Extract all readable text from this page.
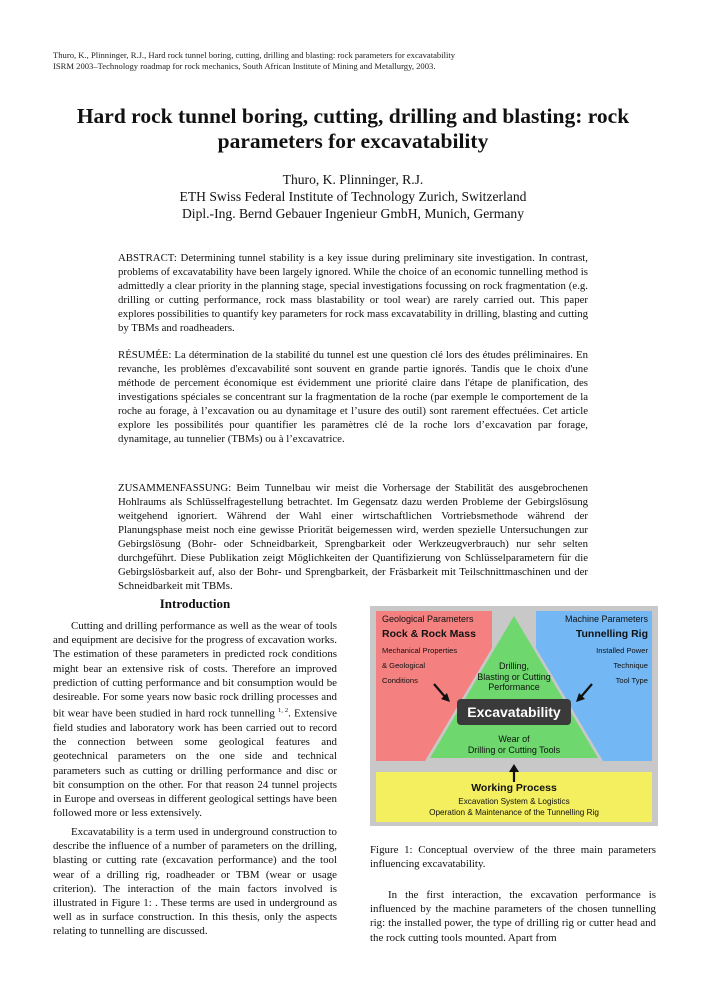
Thuro, K., Plinninger, R.J., Hard rock tunnel boring, cutting, drilling and blasting: rock parameters for excavatability
ISRM 2003–Technology roadmap for rock mechanics, South African Institute of Mining and Metallurgy, 2003.
Hard rock tunnel boring, cutting, drilling and blasting: rock parameters for excavatability
Thuro, K. Plinninger, R.J.
ETH Swiss Federal Institute of Technology Zurich, Switzerland
Dipl.-Ing. Bernd Gebauer Ingenieur GmbH, Munich, Germany

ABSTRACT: Determining tunnel stability is a key issue during preliminary site investigation. In contrast, problems of excavatability have been largely ignored. While the choice of an economic tunnelling method is admittedly a clear priority in the planning stage, special investigations focussing on rock fragmentation (e.g. drilling or cutting performance, rock mass blastability or tool wear) are rarely carried out. This paper explores possibilities to quantify key parameters for rock mass excavatability in drilling, blasting and cutting by TBMs and roadheaders.

RÉSUMÉE: La détermination de la stabilité du tunnel est une question clé lors des études préliminaires. En revanche, les problèmes d'excavabilité sont souvent en grande partie ignorés. Tandis que le choix d'une méthode de percement économique est évidemment une priorité claire dans l'étape de planification, des investigations spéciales se concentrant sur la fragmentation de la roche (par exemple le comportement de la roche au forage, à l’excavation ou au dynamitage et l’usure des outil) sont rarement effectuées. Cet article explore les possibilités pour quantifier les paramètres clé de la roche lors d’excavation par forage, dynamitage, au tunnelier (TBMs) ou à l’excavatrice.

ZUSAMMENFASSUNG: Beim Tunnelbau wir meist die Vorhersage der Stabilität des ausgebrochenen Hohlraums als Schlüsselfragestellung betrachtet. Im Gegensatz dazu werden Probleme der Gebirgslösung weitgehend ignoriert. Während der Wahl einer wirtschaftlichen Vortriebsmethode während der Planungsphase meist noch eine gewisse Priorität beigemessen wird, werden spezielle Untersuchungen zur Gebirgslösung (Bohr- oder Schneidbarkeit, Sprengbarkeit oder Werkzeugverbrauch) nur sehr selten durchgeführt. Diese Publikation zeigt Möglichkeiten der Quantifizierung von Schlüsselparametern für die Gebirgslösbarkeit auf, also der Bohr- und Sprengbarkeit, der Fräsbarkeit mit Teilschnittmaschinen und der Schneidbarkeit mit TBMs.

Introduction

Cutting and drilling performance as well as the wear of tools and equipment are decisive for the progress of excavation works. The estimation of these parameters in predicted rock conditions might bear an extensive risk of costs. Therefore an improved prediction of cutting performance and bit consumption would be desireable. For some years now basic rock drilling processes and bit wear have been studied in hard rock tunnelling $^{1, 2}$. Extensive field studies and laboratory work has been carried out to record the connection between some geological features and geotechnical parameters on the one side and technical parameters such as cutting or drilling performance and disc or bit consumption on the other. For that reason 24 tunnel projects in Europe and overseas in different geological settings have been followed more or less extensively.

Excavatability is a term used in underground construction to describe the influence of a number of parameters on the drilling, blasting or cutting rate (excavation performance) and the tool wear of a drilling rig, roadheader or TBM (wear or usage criterion). The interaction of the main factors involved is illustrated in Figure 1: . These terms are used in underground as well as in surface construction. In this thesis, only the aspects relating to tunnelling are discussed.

Geological Parameters
Rock & Rock Mass
Mechanical Properties
& Geological
Conditions
Machine Parameters
Tunnelling Rig
Installed Power
Technique
Tool Type
Drilling,
Blasting or Cutting
Performance
Excavatability
Wear of
Drilling or Cutting Tools
Working Process
Excavation System & Logistics
Operation & Maintenance of the Tunnelling Rig

Figure 1: Conceptual overview of the three main parameters influencing excavatability.

In the first interaction, the excavation performance is influenced by the machine parameters of the chosen tunnelling rig: the installed power, the type of drilling rig or cutter head and the rock cutting tools mounted. Apart from
